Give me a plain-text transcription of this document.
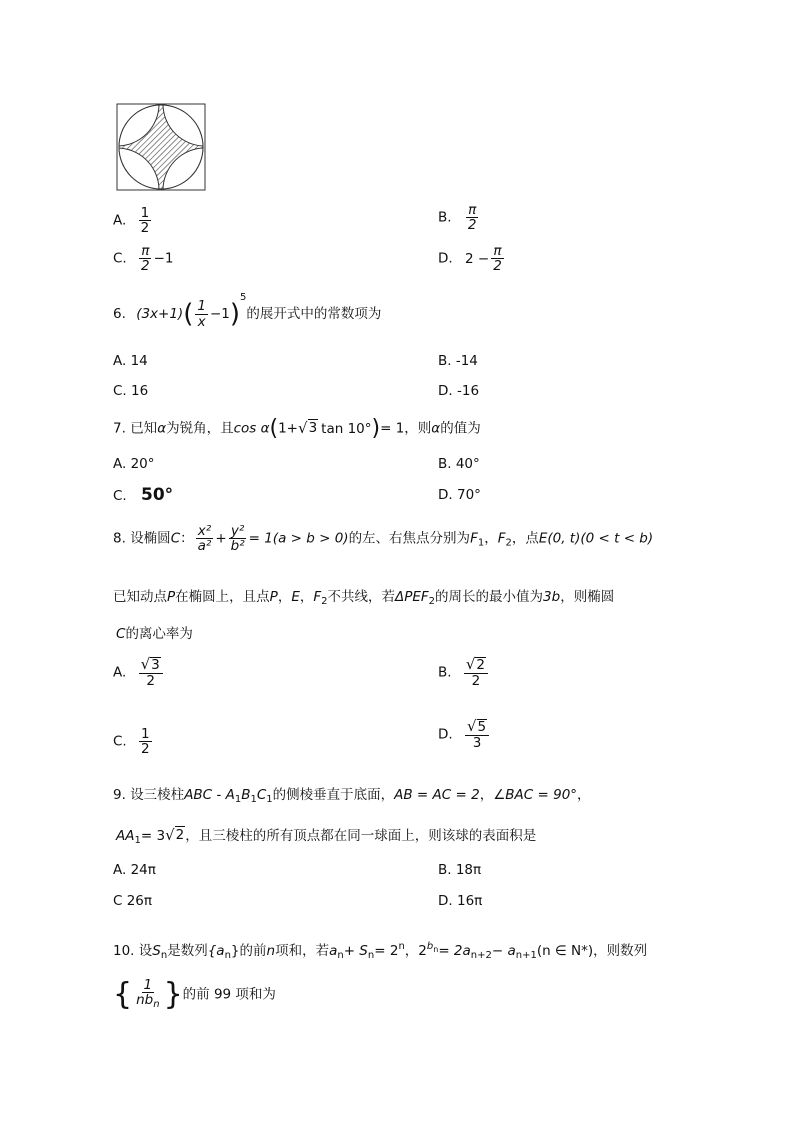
A. $\frac{1}{2}$	B. $\frac{\pi}{2}$
C. $\frac{\pi}{2} -1$	D. $2 - \frac{\pi}{2}$
6. $(3x+1)( \frac{1}{x} -1)^5$的展开式中的常数项为
A. 14	B. -14
C. 16	D. -16
7. 已知α为锐角，且cos α(1+ √ 3 tan 10°)= 1，则α的值为
A. 20°	B. 40°
C. 50°	D. 70°
8. 设椭圆C： $\frac{\text{x²}}{\text{a²}} + \frac{\text{y²}}{\text{b²}} = 1(a > b > 0)$的左、右焦点分别为$F_1$，$F_2$，点E(0, t)(0 < t < b)
已知动点P在椭圆上，且点P，E，$F_2$不共线，若$\Delta PEF_2$的周长的最小值为3b，则椭圆
C的离心率为
A. $\frac{√ 3}{2}$	B. $\frac{√ 2}{2}$
C. $\frac{1}{2}$	D. $\frac{√ 5}{3}$
9. 设三棱柱ABC - $A_1B_1C_1$的侧棱垂直于底面，AB = AC = 2，∠BAC = 90°，
$AA_1= 3$ √ 2 ，且三棱柱的所有顶点都在同一球面上，则该球的表面积是
A. 24π	B. 18π
C 26π	D. 16π
10. 设$S_n$是数列$\{a_n\}$的前n项和，若$a_n+ S_n= 2^n$，$2^{b_n}= 2a_{n+2}- a_{n+1}(n$ ∈ N*)，则数列
{ $\frac{1}{nb_n}$ }的前 99 项和为
